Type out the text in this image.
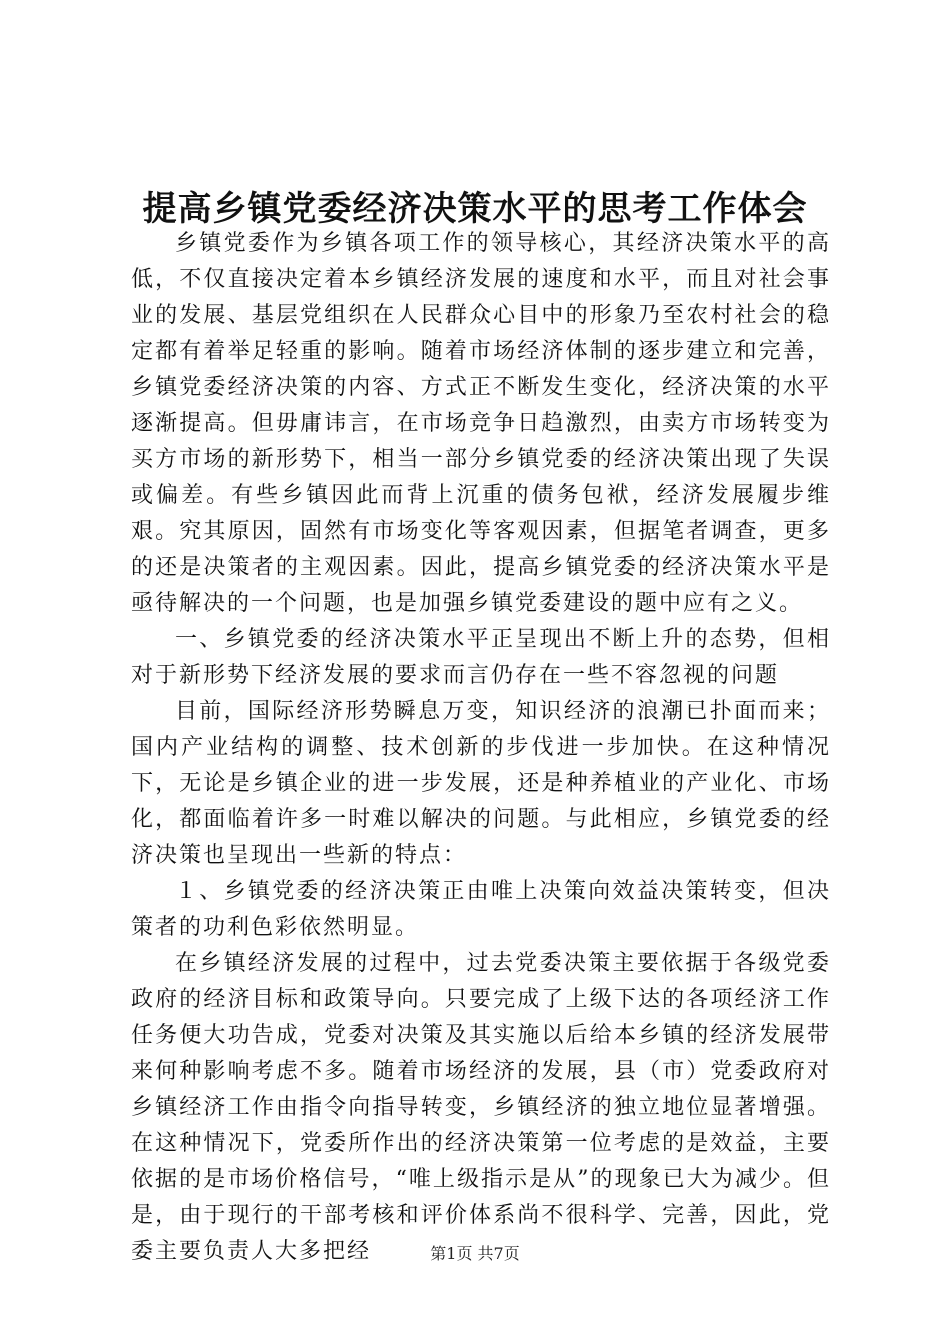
提高乡镇党委经济决策水平的思考工作体会

乡镇党委作为乡镇各项工作的领导核心，其经济决策水平的高低，不仅直接决定着本乡镇经济发展的速度和水平，而且对社会事业的发展、基层党组织在人民群众心目中的形象乃至农村社会的稳定都有着举足轻重的影响。随着市场经济体制的逐步建立和完善，乡镇党委经济决策的内容、方式正不断发生变化，经济决策的水平逐渐提高。但毋庸讳言，在市场竞争日趋激烈，由卖方市场转变为买方市场的新形势下，相当一部分乡镇党委的经济决策出现了失误或偏差。有些乡镇因此而背上沉重的债务包袱，经济发展履步维艰。究其原因，固然有市场变化等客观因素，但据笔者调查，更多的还是决策者的主观因素。因此，提高乡镇党委的经济决策水平是亟待解决的一个问题，也是加强乡镇党委建设的题中应有之义。

一、乡镇党委的经济决策水平正呈现出不断上升的态势，但相对于新形势下经济发展的要求而言仍存在一些不容忽视的问题

目前，国际经济形势瞬息万变，知识经济的浪潮已扑面而来；国内产业结构的调整、技术创新的步伐进一步加快。在这种情况下，无论是乡镇企业的进一步发展，还是种养植业的产业化、市场化，都面临着许多一时难以解决的问题。与此相应，乡镇党委的经济决策也呈现出一些新的特点：

１、乡镇党委的经济决策正由唯上决策向效益决策转变，但决策者的功利色彩依然明显。

在乡镇经济发展的过程中，过去党委决策主要依据于各级党委政府的经济目标和政策导向。只要完成了上级下达的各项经济工作任务便大功告成，党委对决策及其实施以后给本乡镇的经济发展带来何种影响考虑不多。随着市场经济的发展，县（市）党委政府对乡镇经济工作由指令向指导转变，乡镇经济的独立地位显著增强。在这种情况下，党委所作出的经济决策第一位考虑的是效益，主要依据的是市场价格信号，“唯上级指示是从”的现象已大为减少。但是，由于现行的干部考核和评价体系尚不很科学、完善，因此，党委主要负责人大多把经	第1页 共7页
